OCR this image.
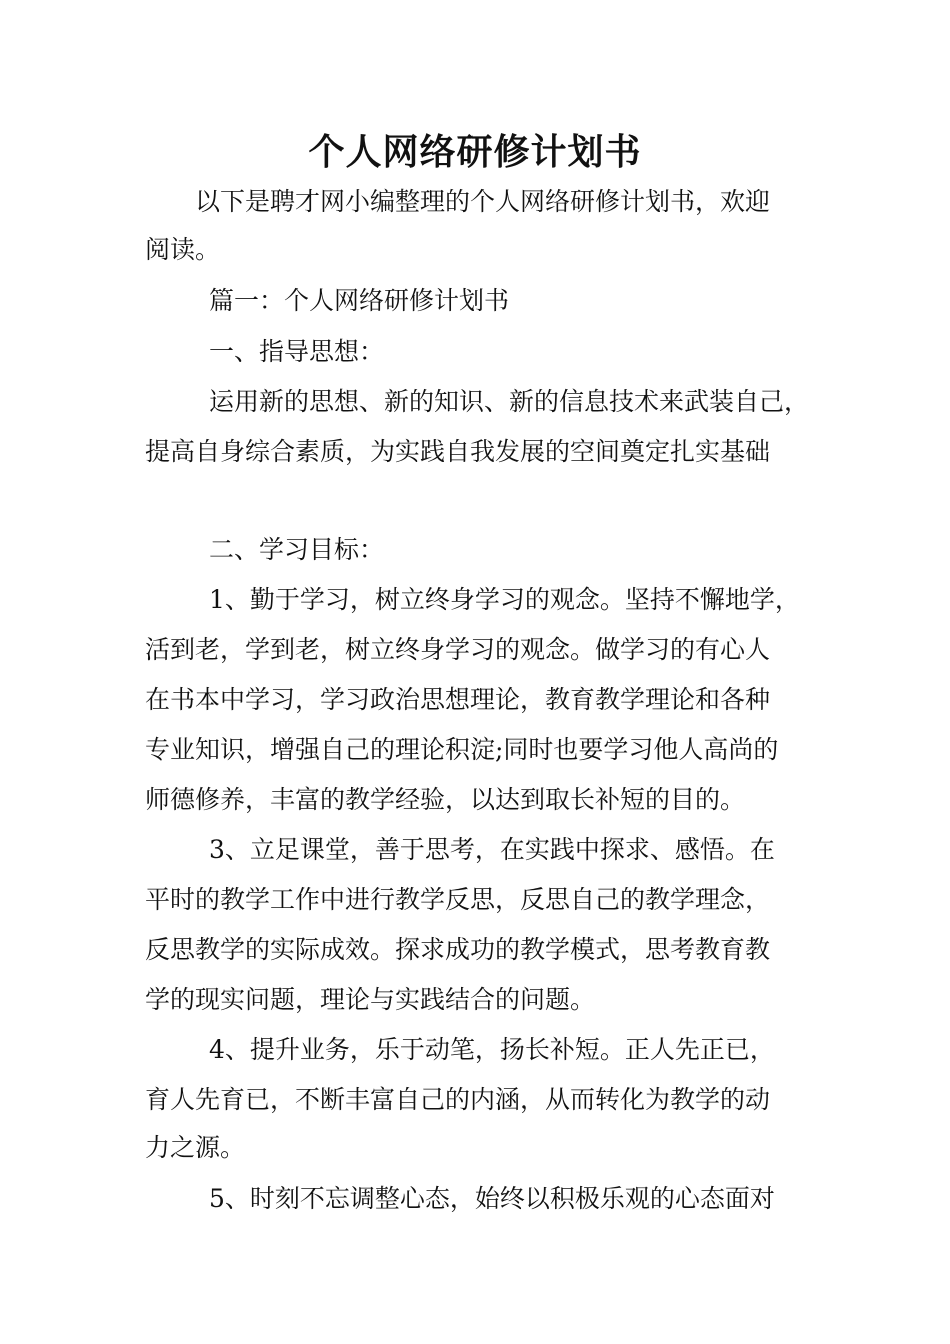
个人网络研修计划书

以下是聘才网小编整理的个人网络研修计划书，欢迎

阅读。

篇一：个人网络研修计划书

一、指导思想：

运用新的思想、新的知识、新的信息技术来武装自己，

提高自身综合素质，为实践自我发展的空间奠定扎实基础

二、学习目标：

1、勤于学习，树立终身学习的观念。坚持不懈地学，

活到老，学到老，树立终身学习的观念。做学习的有心人

在书本中学习，学习政治思想理论，教育教学理论和各种

专业知识，增强自己的理论积淀;同时也要学习他人高尚的

师德修养，丰富的教学经验，以达到取长补短的目的。

3、立足课堂，善于思考，在实践中探求、感悟。在

平时的教学工作中进行教学反思，反思自己的教学理念，

反思教学的实际成效。探求成功的教学模式，思考教育教

学的现实问题，理论与实践结合的问题。

4、提升业务，乐于动笔，扬长补短。正人先正已，

育人先育已，不断丰富自己的内涵，从而转化为教学的动

力之源。

5、时刻不忘调整心态，始终以积极乐观的心态面对
